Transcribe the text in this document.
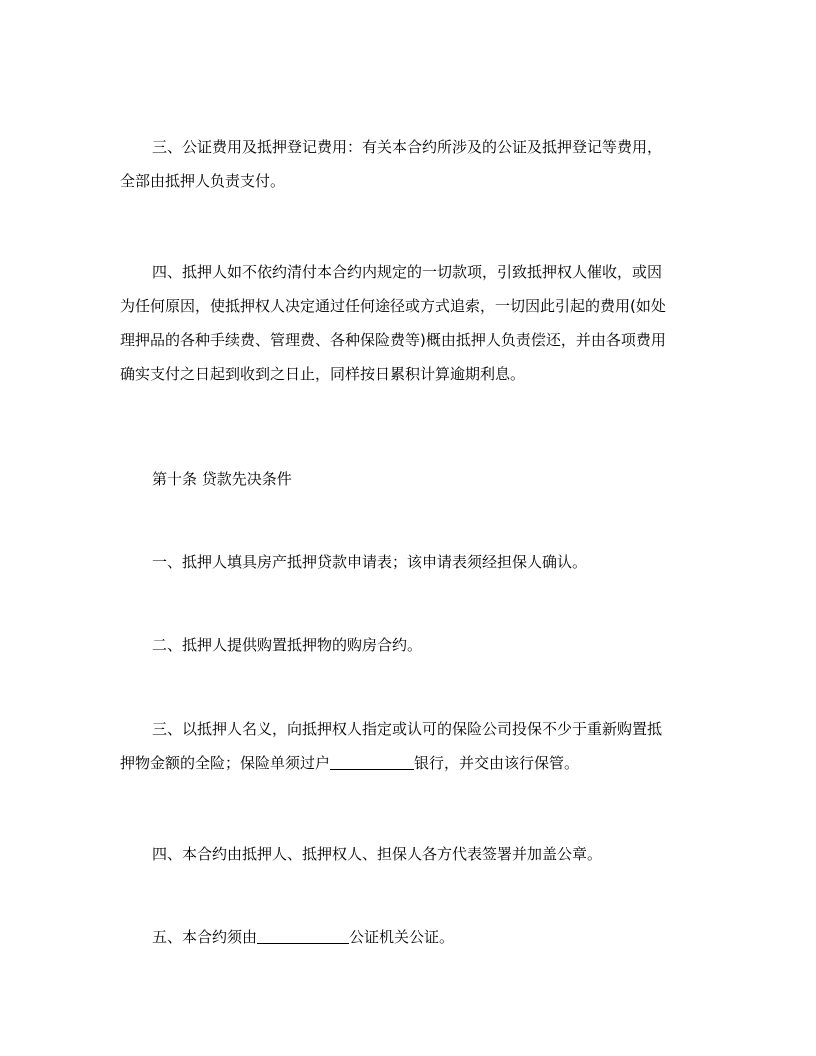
三、公证费用及抵押登记费用：有关本合约所涉及的公证及抵押登记等费用，
全部由抵押人负责支付。
四、抵押人如不依约清付本合约内规定的一切款项，引致抵押权人催收，或因
为任何原因，使抵押权人决定通过任何途径或方式追索，一切因此引起的费用(如处
理押品的各种手续费、管理费、各种保险费等)概由抵押人负责偿还，并由各项费用
确实支付之日起到收到之日止，同样按日累积计算逾期利息。
第十条 贷款先决条件
一、抵押人填具房产抵押贷款申请表；该申请表须经担保人确认。
二、抵押人提供购置抵押物的购房合约。
三、以抵押人名义，向抵押权人指定或认可的保险公司投保不少于重新购置抵
押物金额的全险；保险单须过户	银行，并交由该行保管。
四、本合约由抵押人、抵押权人、担保人各方代表签署并加盖公章。
五、本合约须由	公证机关公证。
